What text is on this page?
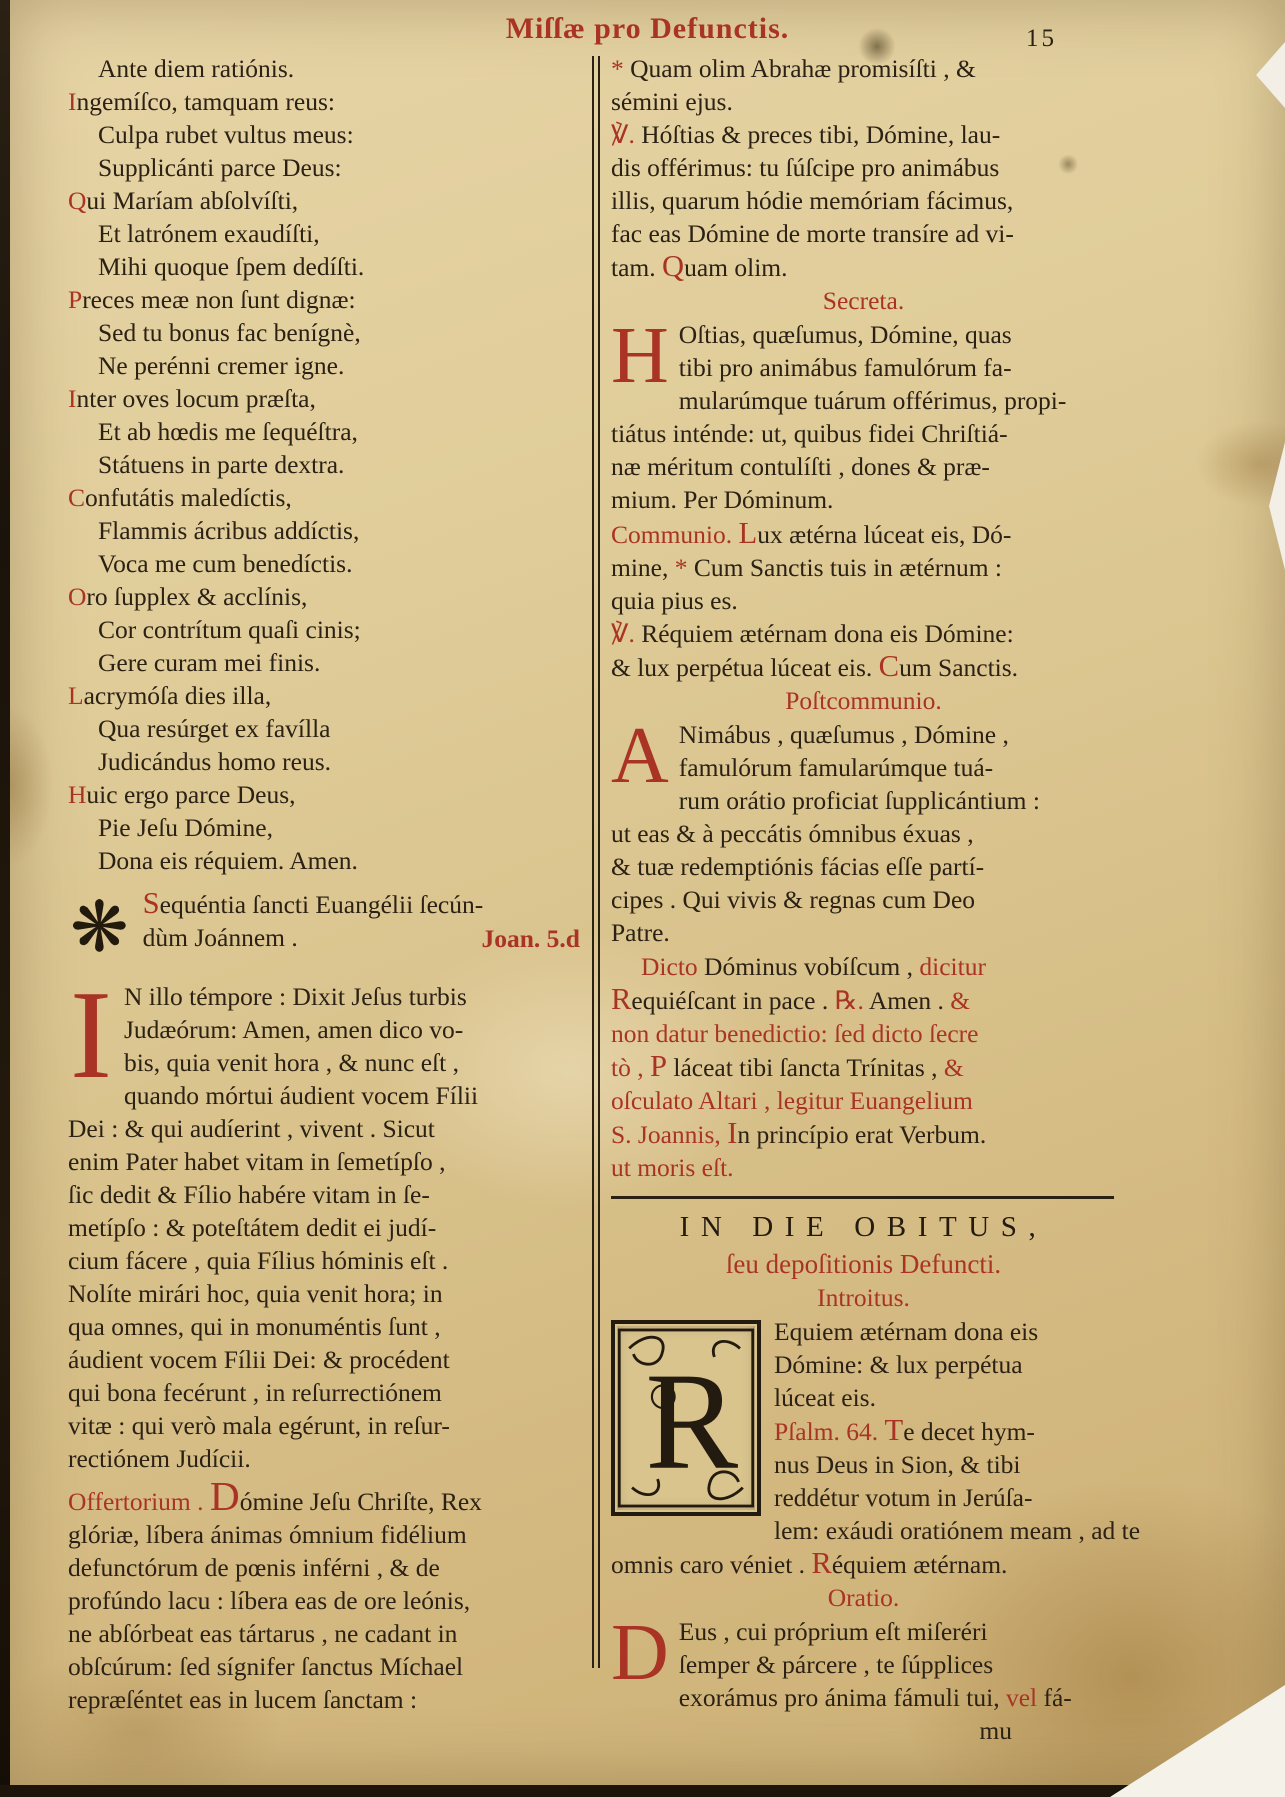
Miſſæ pro Defunctis.	15
Ante diem ratiónis.
Ingemíſco, tamquam reus:
Culpa rubet vultus meus:
Supplicánti parce Deus:
Qui Maríam abſolvíſti,
Et latrónem exaudíſti,
Mihi quoque ſpem dedíſti.
Preces meæ non ſunt dignæ:
Sed tu bonus fac benígnè,
Ne perénni cremer igne.
Inter oves locum præſta,
Et ab hœdis me ſequéſtra,
Státuens in parte dextra.
Confutátis maledíctis,
Flammis ácribus addíctis,
Voca me cum benedíctis.
Oro ſupplex & acclínis,
Cor contrítum quaſi cinis;
Gere curam mei finis.
Lacrymóſa dies illa,
Qua resúrget ex favílla
Judicándus homo reus.
Huic ergo parce Deus,
Pie Jeſu Dómine,
Dona eis réquiem. Amen.
❋ Sequéntia ſancti Euangélii ſecún-
dùm Joánnem .	Joan. 5.d
I N illo témpore : Dixit Jeſus turbis
Judæórum: Amen, amen dico vo-
bis, quia venit hora , & nunc eſt ,
quando mórtui áudient vocem Fílii
Dei : & qui audíerint , vivent . Sicut
enim Pater habet vitam in ſemetípſo ,
ſic dedit & Fílio habére vitam in ſe-
metípſo : & poteſtátem dedit ei judí-
cium fácere , quia Fílius hóminis eſt .
Nolíte mirári hoc, quia venit hora; in
qua omnes, qui in monuméntis ſunt ,
áudient vocem Fílii Dei: & procédent
qui bona fecérunt , in reſurrectiónem
vitæ : qui verò mala egérunt, in reſur-
rectiónem Judícii.
Offertorium . Dómine Jeſu Chriſte, Rex
glóriæ, líbera ánimas ómnium fidélium
defunctórum de pœnis inférni , & de
profúndo lacu : líbera eas de ore leónis,
ne abſórbeat eas tártarus , ne cadant in
obſcúrum: ſed sígnifer ſanctus Míchael
repræſéntet eas in lucem ſanctam :
* Quam olim Abrahæ promisíſti , &
sémini ejus.
℣. Hóſtias & preces tibi, Dómine, lau-
dis offérimus: tu ſúſcipe pro animábus
illis, quarum hódie memóriam fácimus,
fac eas Dómine de morte transíre ad vi-
tam. Quam olim.
Secreta.
H Oſtias, quæſumus, Dómine, quas
tibi pro animábus famulórum fa-
mularúmque tuárum offérimus, propi-
tiátus inténde: ut, quibus fidei Chriſtiá-
næ méritum contulíſti , dones & præ-
mium. Per Dóminum.
Communio. Lux ætérna lúceat eis, Dó-
mine, * Cum Sanctis tuis in ætérnum :
quia pius es.
℣. Réquiem ætérnam dona eis Dómine:
& lux perpétua lúceat eis. Cum Sanctis.
Poſtcommunio.
A Nimábus , quæſumus , Dómine ,
famulórum famularúmque tuá-
rum orátio proficiat ſupplicántium :
ut eas & à peccátis ómnibus éxuas ,
& tuæ redemptiónis fácias eſſe partí-
cipes . Qui vivis & regnas cum Deo
Patre.
Dicto Dóminus vobíſcum , dicitur
Requiéſcant in pace . ℞. Amen . &
non datur benedictio: ſed dicto ſecre
tò , P láceat tibi ſancta Trínitas , &
oſculato Altari , legitur Euangelium
S. Joannis, In princípio erat Verbum.
ut moris eſt.
IN DIE OBITUS,
ſeu depoſitionis Defuncti.
Introitus.
R
Equiem ætérnam dona eis
Dómine: & lux perpétua
lúceat eis.
Pſalm. 64. Te decet hym-
nus Deus in Sion, & tibi
reddétur votum in Jerúſa-
lem: exáudi oratiónem meam , ad te
omnis caro véniet . Réquiem ætérnam.
Oratio.
D Eus , cui próprium eſt miſeréri
ſemper & párcere , te ſúpplices
exorámus pro ánima fámuli tui, vel fá-
mu
